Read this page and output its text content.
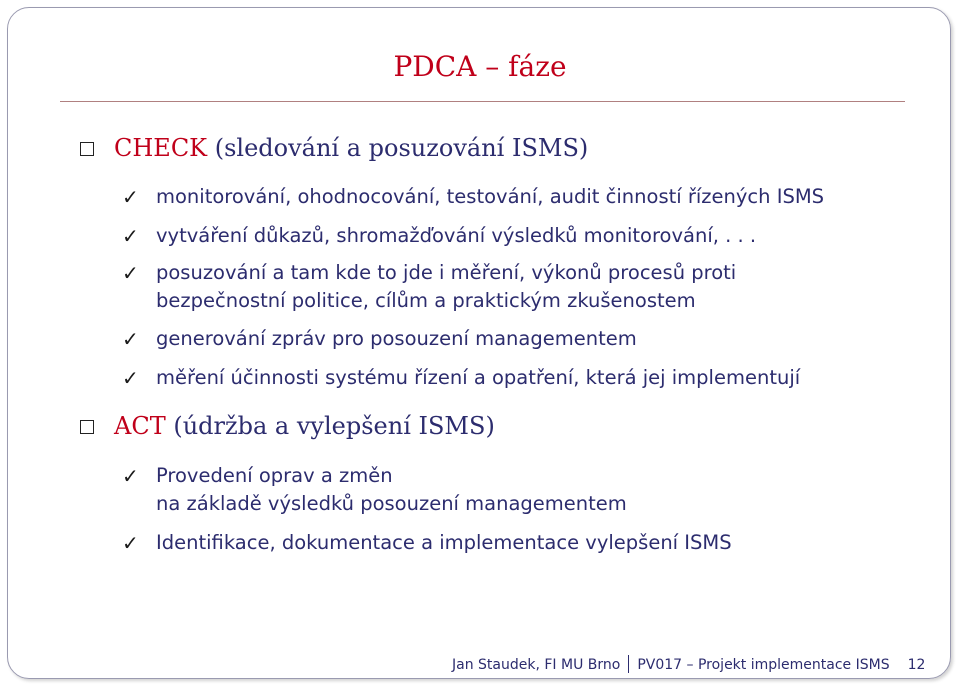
PDCA – fáze
CHECK (sledování a posuzování ISMS)
✓ monitorování, ohodnocování, testování, audit činností řízených ISMS
✓ vytváření důkazů, shromažďování výsledků monitorování, . . .
✓ posuzování a tam kde to jde i měření, výkonů procesů proti
bezpečnostní politice, cílům a praktickým zkušenostem
✓ generování zpráv pro posouzení managementem
✓ měření účinnosti systému řízení a opatření, která jej implementují
ACT (údržba a vylepšení ISMS)
✓ Provedení oprav a změn
na základě výsledků posouzení managementem
✓ Identifikace, dokumentace a implementace vylepšení ISMS
Jan Staudek, FI MU Brno PV017 – Projekt implementace ISMS 12
